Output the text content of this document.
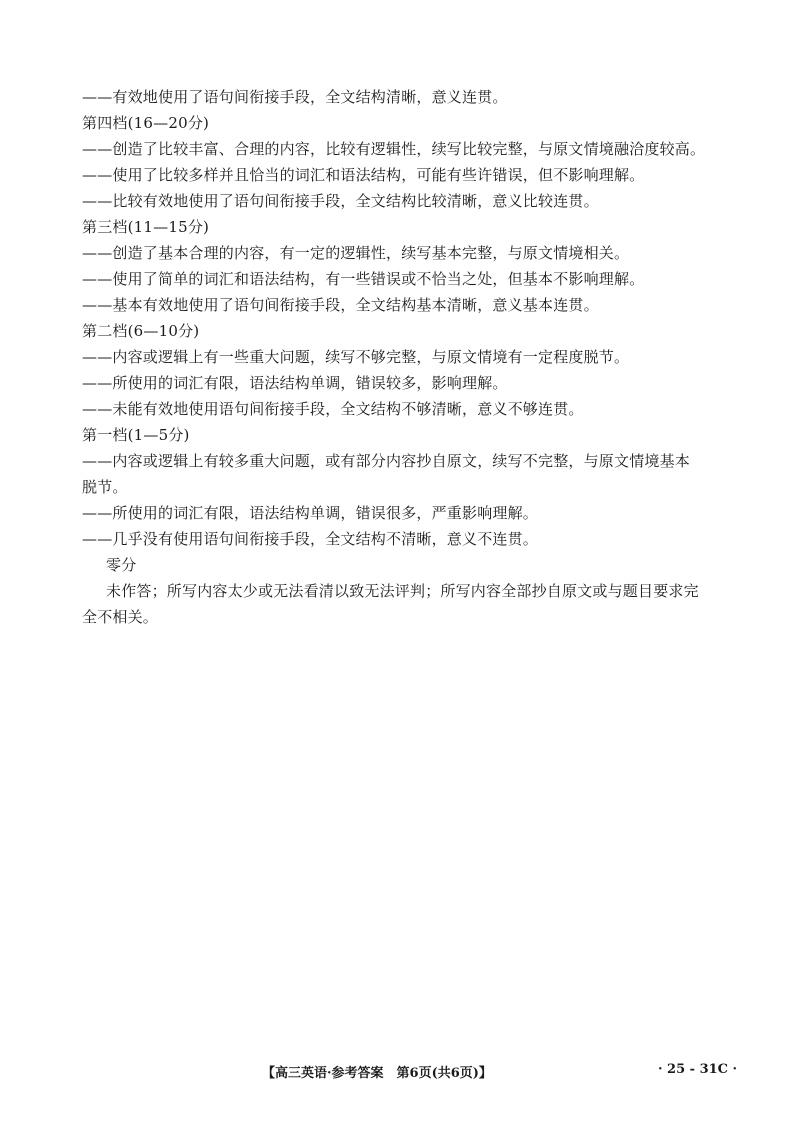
——有效地使用了语句间衔接手段，全文结构清晰，意义连贯。
第四档(16—20分)
——创造了比较丰富、合理的内容，比较有逻辑性，续写比较完整，与原文情境融洽度较高。
——使用了比较多样并且恰当的词汇和语法结构，可能有些许错误，但不影响理解。
——比较有效地使用了语句间衔接手段，全文结构比较清晰，意义比较连贯。
第三档(11—15分)
——创造了基本合理的内容，有一定的逻辑性，续写基本完整，与原文情境相关。
——使用了简单的词汇和语法结构，有一些错误或不恰当之处，但基本不影响理解。
——基本有效地使用了语句间衔接手段，全文结构基本清晰，意义基本连贯。
第二档(6—10分)
——内容或逻辑上有一些重大问题，续写不够完整，与原文情境有一定程度脱节。
——所使用的词汇有限，语法结构单调，错误较多，影响理解。
——未能有效地使用语句间衔接手段，全文结构不够清晰，意义不够连贯。
第一档(1—5分)
——内容或逻辑上有较多重大问题，或有部分内容抄自原文，续写不完整，与原文情境基本
脱节。
——所使用的词汇有限，语法结构单调，错误很多，严重影响理解。
——几乎没有使用语句间衔接手段，全文结构不清晰，意义不连贯。
零分
未作答；所写内容太少或无法看清以致无法评判；所写内容全部抄自原文或与题目要求完
全不相关。
【高三英语·参考答案　第6页(共6页)】	· 25 - 31C ·
